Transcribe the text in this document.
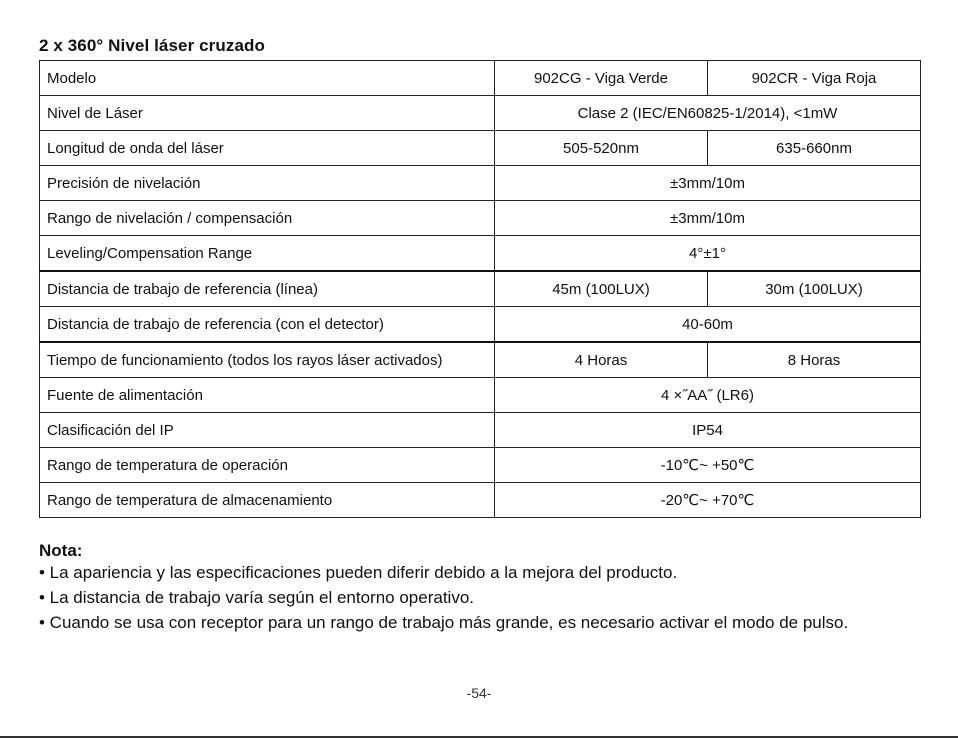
2 x 360° Nivel láser cruzado
Modelo	902CG - Viga Verde	902CR - Viga Roja
Nivel de Láser	Clase 2 (IEC/EN60825-1/2014), <1mW	
Longitud de onda del láser	505-520nm	635-660nm
Precisión de nivelación	±3mm/10m	
Rango de nivelación / compensación	±3mm/10m	
Leveling/Compensation Range	4°±1°	
Distancia de trabajo de referencia (línea)	45m (100LUX)	30m (100LUX)
Distancia de trabajo de referencia (con el detector)	40-60m	
Tiempo de funcionamiento (todos los rayos láser activados)	4 Horas	8 Horas
Fuente de alimentación	4 ×˝AA˝ (LR6)	
Clasificación del IP	IP54	
Rango de temperatura de operación	-10℃~ +50℃	
Rango de temperatura de almacenamiento	-20℃~ +70℃	
Nota:
• La apariencia y las especificaciones pueden diferir debido a la mejora del producto.
• La distancia de trabajo varía según el entorno operativo.
• Cuando se usa con receptor para un rango de trabajo más grande, es necesario activar el modo de pulso.
-54-
